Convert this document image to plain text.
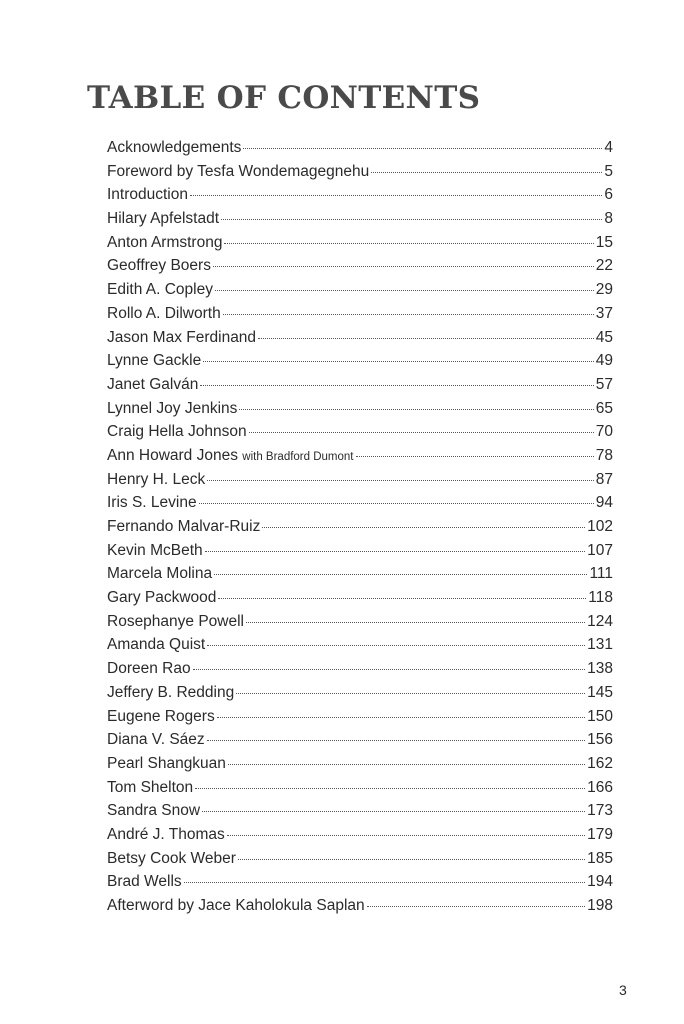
TABLE OF CONTENTS
Acknowledgements	4
Foreword by Tesfa Wondemagegnehu	5
Introduction	6
Hilary Apfelstadt	8
Anton Armstrong	15
Geoffrey Boers	22
Edith A. Copley	29
Rollo A. Dilworth	37
Jason Max Ferdinand	45
Lynne Gackle	49
Janet Galván	57
Lynnel Joy Jenkins	65
Craig Hella Johnson	70
Ann Howard Jones with Bradford Dumont	78
Henry H. Leck	87
Iris S. Levine	94
Fernando Malvar-Ruiz	102
Kevin McBeth	107
Marcela Molina	111
Gary Packwood	118
Rosephanye Powell	124
Amanda Quist	131
Doreen Rao	138
Jeffery B. Redding	145
Eugene Rogers	150
Diana V. Sáez	156
Pearl Shangkuan	162
Tom Shelton	166
Sandra Snow	173
André J. Thomas	179
Betsy Cook Weber	185
Brad Wells	194
Afterword by Jace Kaholokula Saplan	198

3
